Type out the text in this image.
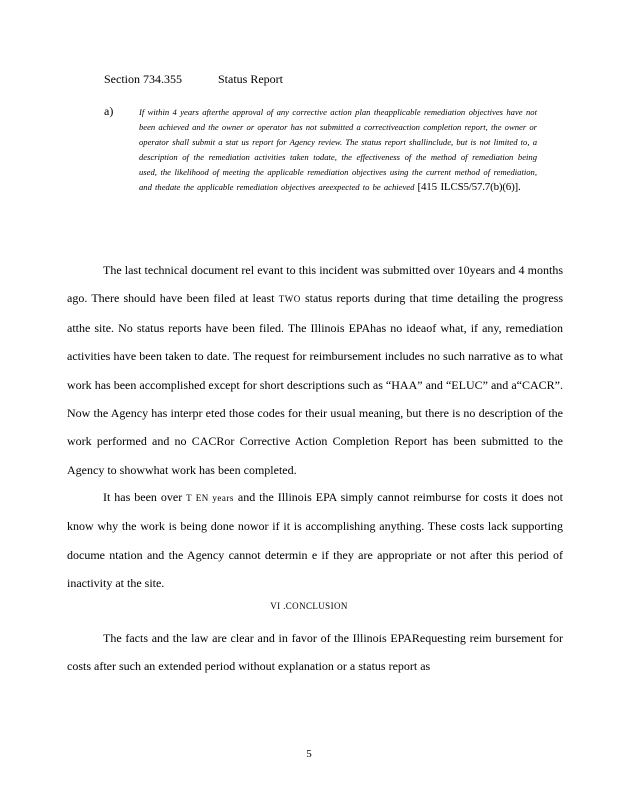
Section 734.355	Status Report
a)	If within 4 years afterthe approval of any corrective action plan theapplicable remediation objectives have not been achieved and the owner or operator has not submitted a correctiveaction completion report, the owner or operator shall submit a stat us report for Agency review. The status report shallinclude, but is not limited to, a description of the remediation activities taken todate, the effectiveness of the method of remediation being used, the likelihood of meeting the applicable remediation objectives using the current method of remediation, and thedate the applicable remediation objectives areexpected to be achieved [415 ILCS5/57.7(b)(6)].
The last technical document rel evant to this incident was submitted over 10years and 4 months ago. There should have been filed at least TWO status reports during that time detailing the progress atthe site. No status reports have been filed. The Illinois EPAhas no ideaof what, if any, remediation activities have been taken to date. The request for reimbursement includes no such narrative as to what work has been accomplished except for short descriptions such as “HAA” and “ELUC” and a“CACR”. Now the Agency has interpr eted those codes for their usual meaning, but there is no description of the work performed and no CACRor Corrective Action Completion Report has been submitted to the Agency to showwhat work has been completed.
It has been over T EN years and the Illinois EPA simply cannot reimburse for costs it does not know why the work is being done nowor if it is accomplishing anything. These costs lack supporting docume ntation and the Agency cannot determin e if they are appropriate or not after this period of inactivity at the site.
VI .CONCLUSION
The facts and the law are clear and in favor of the Illinois EPARequesting reim bursement for costs after such an extended period without explanation or a status report as
5
